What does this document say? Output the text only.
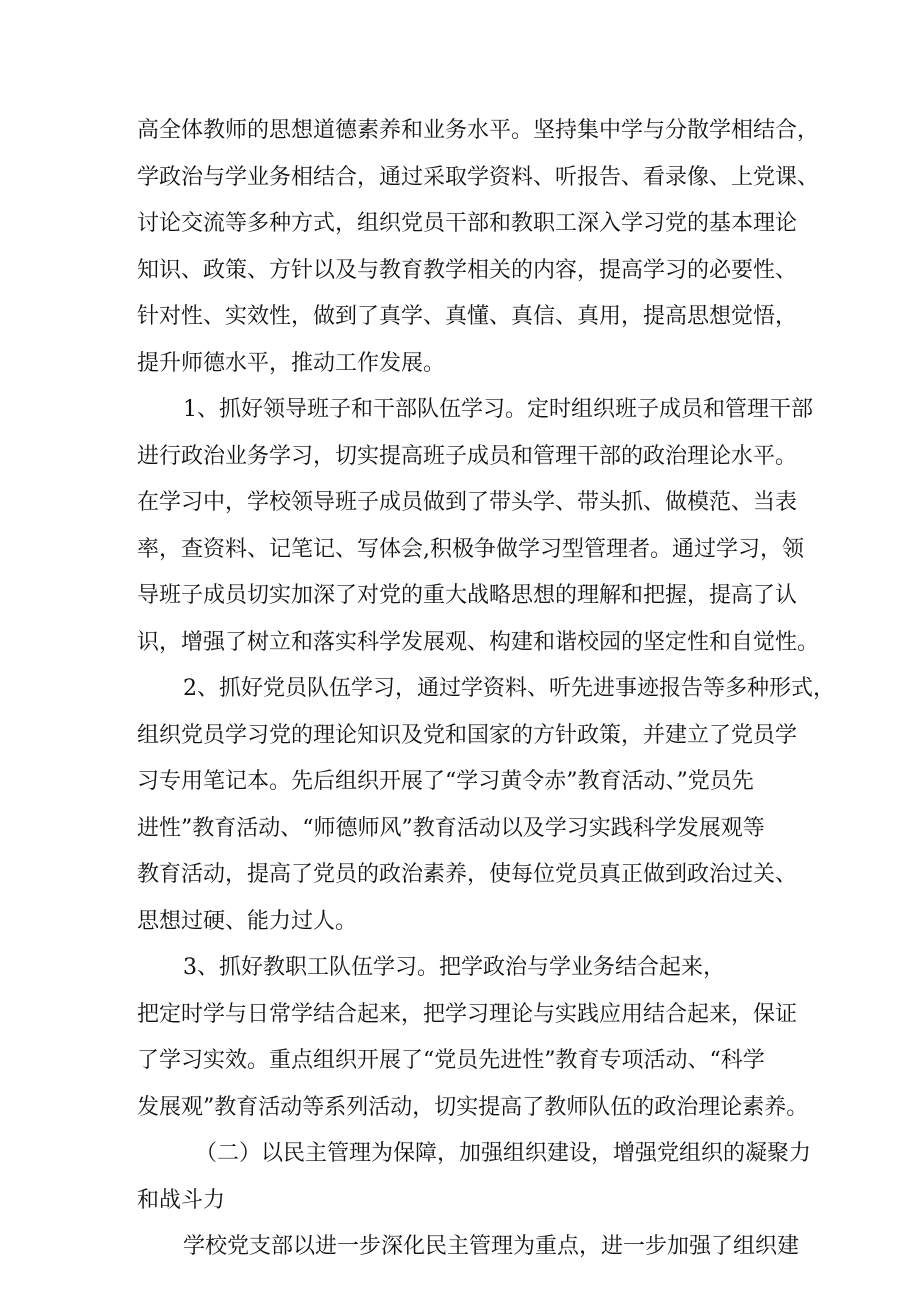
高全体教师的思想道德素养和业务水平。坚持集中学与分散学相结合，
学政治与学业务相结合，通过采取学资料、听报告、看录像、上党课、
讨论交流等多种方式，组织党员干部和教职工深入学习党的基本理论
知识、政策、方针以及与教育教学相关的内容，提高学习的必要性、
针对性、实效性，做到了真学、真懂、真信、真用，提高思想觉悟，
提升师德水平，推动工作发展。
1、抓好领导班子和干部队伍学习。定时组织班子成员和管理干部
进行政治业务学习，切实提高班子成员和管理干部的政治理论水平。
在学习中，学校领导班子成员做到了带头学、带头抓、做模范、当表
率，查资料、记笔记、写体会,积极争做学习型管理者。通过学习，领
导班子成员切实加深了对党的重大战略思想的理解和把握，提高了认
识，增强了树立和落实科学发展观、构建和谐校园的坚定性和自觉性。
2、抓好党员队伍学习，通过学资料、听先进事迹报告等多种形式，
组织党员学习党的理论知识及党和国家的方针政策，并建立了党员学
习专用笔记本。先后组织开展了“学习黄令赤”教育活动、”党员先
进性”教育活动、“师德师风”教育活动以及学习实践科学发展观等
教育活动，提高了党员的政治素养，使每位党员真正做到政治过关、
思想过硬、能力过人。
3、抓好教职工队伍学习。把学政治与学业务结合起来，
把定时学与日常学结合起来，把学习理论与实践应用结合起来，保证
了学习实效。重点组织开展了“党员先进性”教育专项活动、“科学
发展观”教育活动等系列活动，切实提高了教师队伍的政治理论素养。
（二）以民主管理为保障，加强组织建设，增强党组织的凝聚力
和战斗力
学校党支部以进一步深化民主管理为重点，进一步加强了组织建
